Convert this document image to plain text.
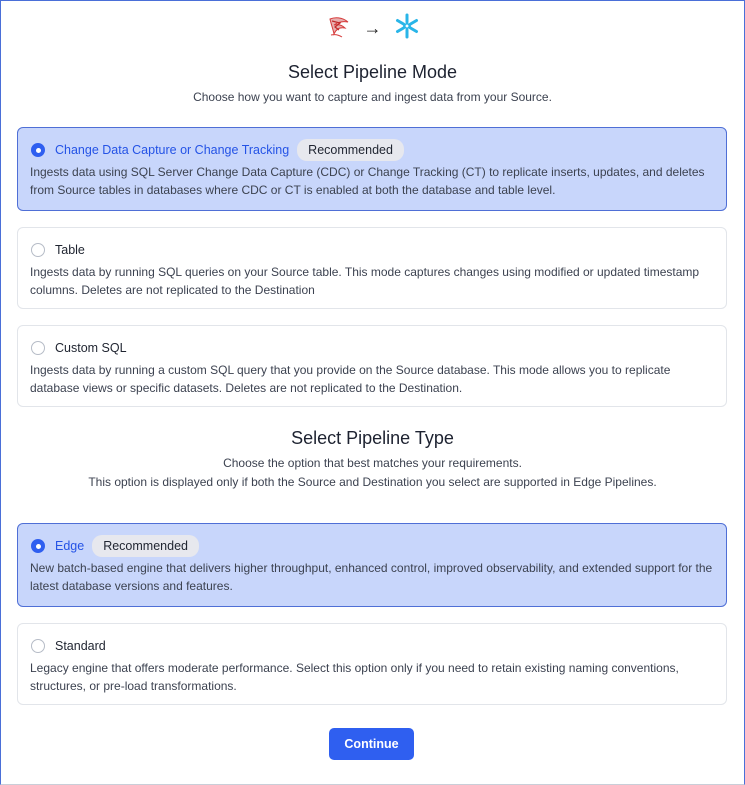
→
Select Pipeline Mode
Choose how you want to capture and ingest data from your Source.
Change Data Capture or Change Tracking	Recommended
Ingests data using SQL Server Change Data Capture (CDC) or Change Tracking (CT) to replicate inserts, updates, and deletes from Source tables in databases where CDC or CT is enabled at both the database and table level.
Table
Ingests data by running SQL queries on your Source table. This mode captures changes using modified or updated timestamp columns. Deletes are not replicated to the Destination
Custom SQL
Ingests data by running a custom SQL query that you provide on the Source database. This mode allows you to replicate database views or specific datasets. Deletes are not replicated to the Destination.
Select Pipeline Type
Choose the option that best matches your requirements.
This option is displayed only if both the Source and Destination you select are supported in Edge Pipelines.
Edge	Recommended
New batch-based engine that delivers higher throughput, enhanced control, improved observability, and extended support for the latest database versions and features.
Standard
Legacy engine that offers moderate performance. Select this option only if you need to retain existing naming conventions, structures, or pre-load transformations.
Continue
